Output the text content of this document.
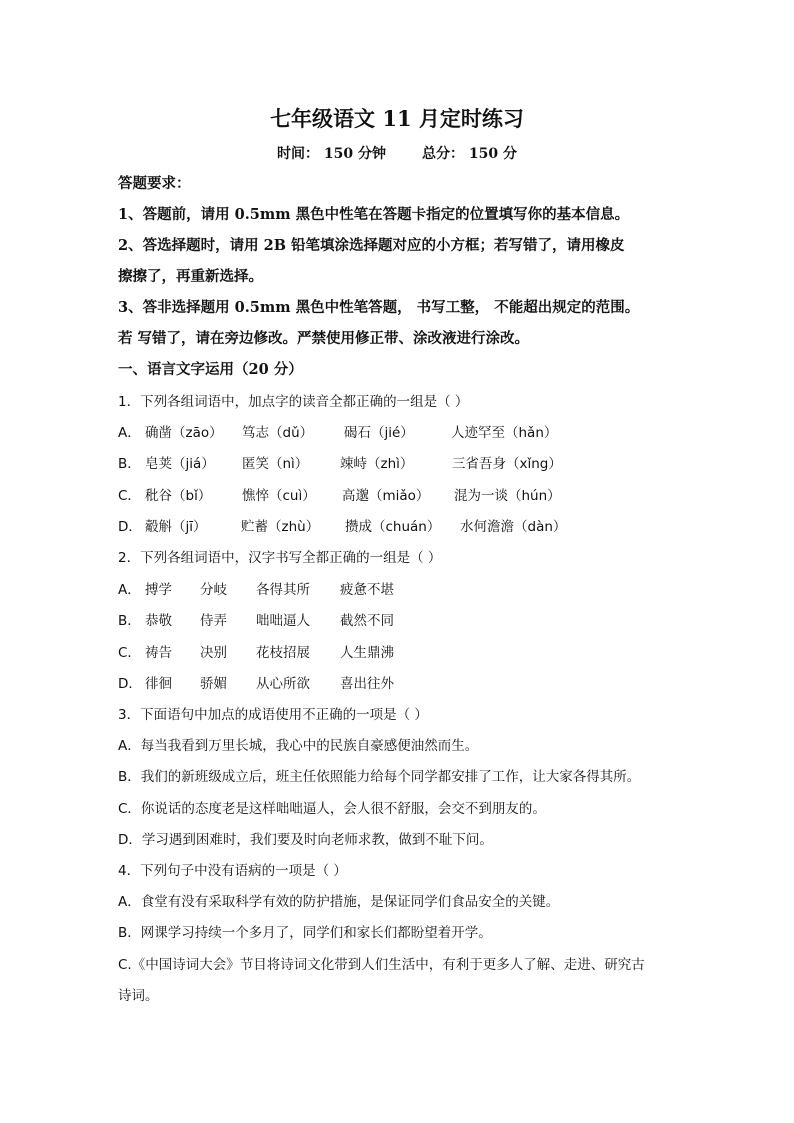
七年级语文 11 月定时练习
时间： 150 分钟	总分： 150 分
答题要求：
1、答题前，请用 0.5mm 黑色中性笔在答题卡指定的位置填写你的基本信息。
2、答选择题时，请用 2B 铅笔填涂选择题对应的小方框；若写错了，请用橡皮
擦擦了，再重新选择。
3、答非选择题用 0.5mm 黑色中性笔答题， 书写工整， 不能超出规定的范围。
若 写错了，请在旁边修改。严禁使用修正带、涂改液进行涂改。
一、语言文字运用（20 分）
1．下列各组词语中，加点字的读音全都正确的一组是（ ）
A． 确凿（zāo） 笃志（dǔ） 碣石（jié）	人迹罕至（hǎn）
B． 皂荚（jiá） 匿笑（nì） 竦峙（zhì）	三省吾身（xǐng）
C． 秕谷（bǐ） 憔悴（cuì） 高邈（miǎo） 混为一谈（hún）
D． 觳斛（jī）	贮蓄（zhù） 攒成（chuán） 水何澹澹（dàn）
2．下列各组词语中，汉字书写全都正确的一组是（ ）
A． 搏学 分岐 各得其所 疲惫不堪
B． 恭敬 侍弄 咄咄逼人 截然不同
C． 祷告 决别 花枝招展 人生鼎沸
D． 徘徊 骄媚 从心所欲 喜出往外
3．下面语句中加点的成语使用不正确的一项是（ ）
A．每当我看到万里长城，我心中的民族自豪感便油然而生。
B．我们的新班级成立后，班主任依照能力给每个同学都安排了工作，让大家各得其所。
C．你说话的态度老是这样咄咄逼人，会人很不舒服，会交不到朋友的。
D．学习遇到困难时，我们要及时向老师求教，做到不耻下问。
4．下列句子中没有语病的一项是（ ）
A．食堂有没有采取科学有效的防护措施，是保证同学们食品安全的关键。
B．网课学习持续一个多月了，同学们和家长们都盼望着开学。
C.《中国诗词大会》节目将诗词文化带到人们生活中，有利于更多人了解、走进、研究古
诗词。
